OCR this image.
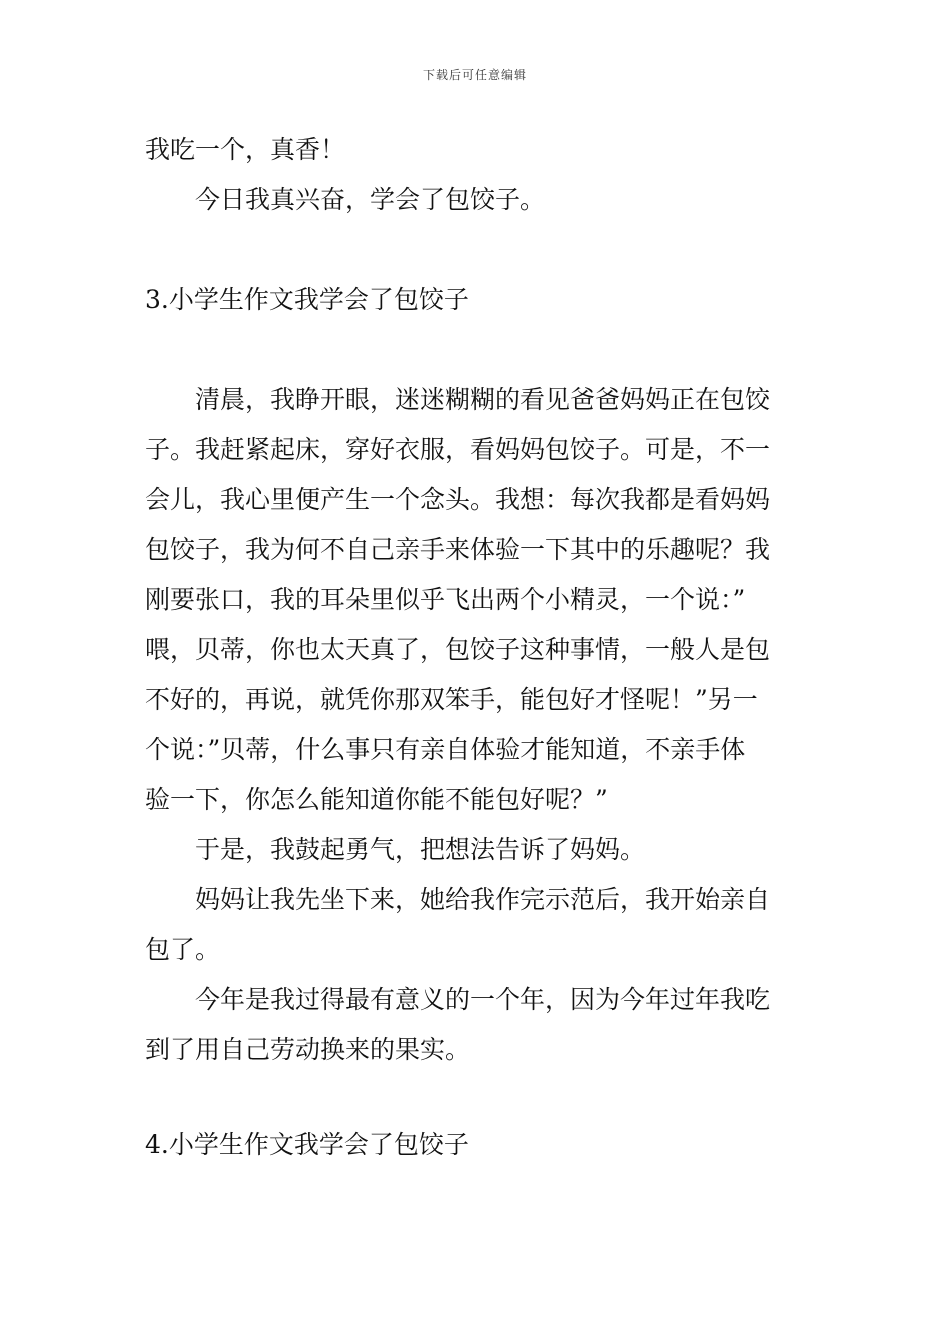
下载后可任意编辑
我吃一个，真香！
今日我真兴奋，学会了包饺子。
3.小学生作文我学会了包饺子
清晨，我睁开眼，迷迷糊糊的看见爸爸妈妈正在包饺
子。我赶紧起床，穿好衣服，看妈妈包饺子。可是，不一
会儿，我心里便产生一个念头。我想：每次我都是看妈妈
包饺子，我为何不自己亲手来体验一下其中的乐趣呢？我
刚要张口，我的耳朵里似乎飞出两个小精灵，一个说：”
喂，贝蒂，你也太天真了，包饺子这种事情，一般人是包
不好的，再说，就凭你那双笨手，能包好才怪呢！”另一
个说：”贝蒂，什么事只有亲自体验才能知道，不亲手体
验一下，你怎么能知道你能不能包好呢？”
于是，我鼓起勇气，把想法告诉了妈妈。
妈妈让我先坐下来，她给我作完示范后，我开始亲自
包了。
今年是我过得最有意义的一个年，因为今年过年我吃
到了用自己劳动换来的果实。
4.小学生作文我学会了包饺子
